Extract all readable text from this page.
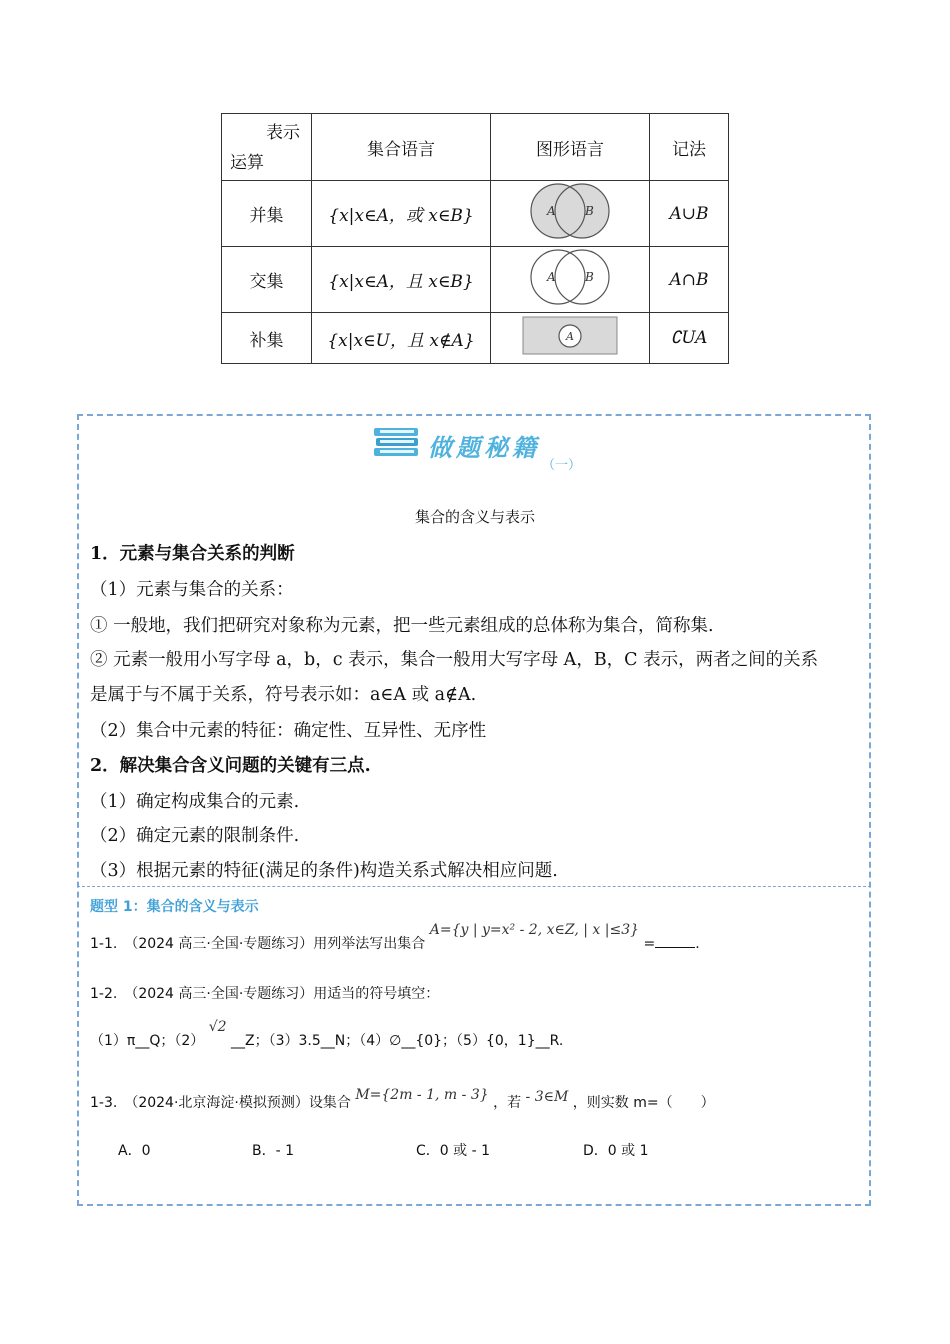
表示
运算	集合语言	图形语言	记法
并集	{x|x∈A，或 x∈B}	A B	A∪B
交集	{x|x∈A，且 x∈B}	A B	A∩B
补集	{x|x∈U，且 x∉A}	A	∁UA
做题秘籍
（一）
集合的含义与表示
1．元素与集合关系的判断
（1）元素与集合的关系：
① 一般地，我们把研究对象称为元素，把一些元素组成的总体称为集合，简称集.
② 元素一般用小写字母 a，b，c 表示，集合一般用大写字母 A，B，C 表示，两者之间的关系
是属于与不属于关系，符号表示如：a∈A 或 a∉A.
（2）集合中元素的特征：确定性、互异性、无序性
2．解决集合含义问题的关键有三点.
（1）确定构成集合的元素.
（2）确定元素的限制条件.
（3）根据元素的特征(满足的条件)构造关系式解决相应问题.
题型 1：集合的含义与表示
1-1.　（2024 高三·全国·专题练习）用列举法写出集合 A={y | y=x² - 2, x∈Z, | x |≤3} =	.
1-2.　（2024 高三·全国·专题练习）用适当的符号填空：
（1）π__Q；（2） √2 __Z；（3）3.5__N；（4）∅__{0}；（5）{0，1}__R.
1-3.　（2024·北京海淀·模拟预测）设集合 M={2m - 1, m - 3} ，若 - 3∈M ，则实数 m=（　　）
A．0	B．- 1	C．0 或 - 1	D．0 或 1
